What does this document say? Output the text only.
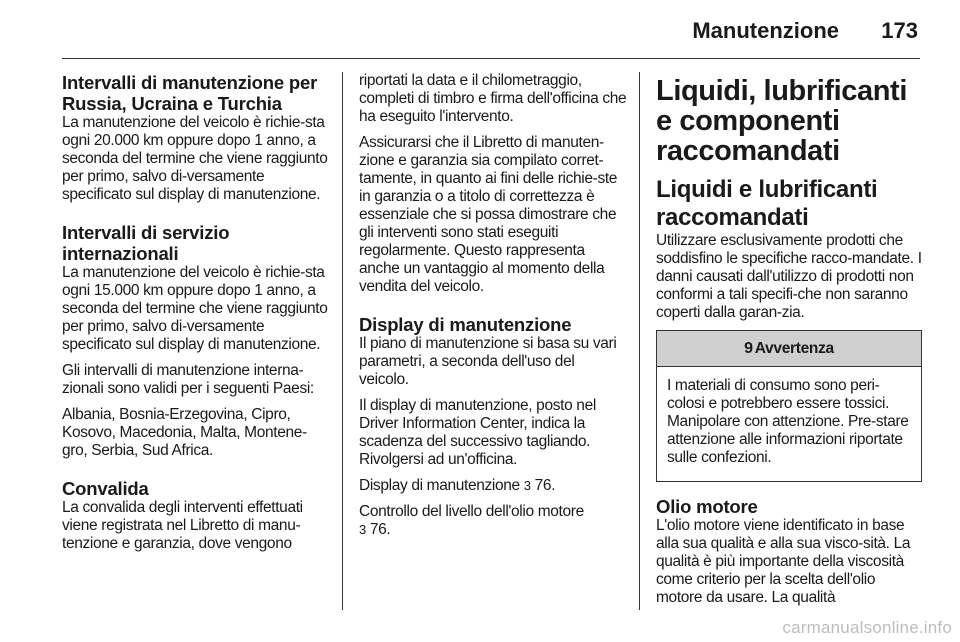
Manutenzione 173
Intervalli di manutenzione per Russia, Ucraina e Turchia
La manutenzione del veicolo è richie-sta ogni 20.000 km oppure dopo 1 anno, a seconda del termine che viene raggiunto per primo, salvo di-versamente specificato sul display di manutenzione.
Intervalli di servizio internazionali
La manutenzione del veicolo è richie-sta ogni 15.000 km oppure dopo 1 anno, a seconda del termine che viene raggiunto per primo, salvo di-versamente specificato sul display di manutenzione.
Gli intervalli di manutenzione interna-zionali sono validi per i seguenti Paesi:
Albania, Bosnia-Erzegovina, Cipro, Kosovo, Macedonia, Malta, Montene-gro, Serbia, Sud Africa.
Convalida
La convalida degli interventi effettuati viene registrata nel Libretto di manu-tenzione e garanzia, dove vengono
riportati la data e il chilometraggio, completi di timbro e firma dell'officina che ha eseguito l'intervento.
Assicurarsi che il Libretto di manuten-zione e garanzia sia compilato corret-tamente, in quanto ai fini delle richie-ste in garanzia o a titolo di correttezza è essenziale che si possa dimostrare che gli interventi sono stati eseguiti regolarmente. Questo rappresenta anche un vantaggio al momento della vendita del veicolo.
Display di manutenzione
Il piano di manutenzione si basa su vari parametri, a seconda dell'uso del veicolo.
Il display di manutenzione, posto nel Driver Information Center, indica la scadenza del successivo tagliando. Rivolgersi ad un'officina.
Display di manutenzione 3 76.
Controllo del livello dell'olio motore
3 76.
Liquidi, lubrificanti e componenti raccomandati
Liquidi e lubrificanti raccomandati
Utilizzare esclusivamente prodotti che soddisfino le specifiche racco-mandate. I danni causati dall'utilizzo di prodotti non conformi a tali specifi-che non saranno coperti dalla garan-zia.
9 Avvertenza
I materiali di consumo sono peri-colosi e potrebbero essere tossici. Manipolare con attenzione. Pre-stare attenzione alle informazioni riportate sulle confezioni.
Olio motore
L'olio motore viene identificato in base alla sua qualità e alla sua visco-sità. La qualità è più importante della viscosità come criterio per la scelta dell'olio motore da usare. La qualità
carmanualsonline.info
